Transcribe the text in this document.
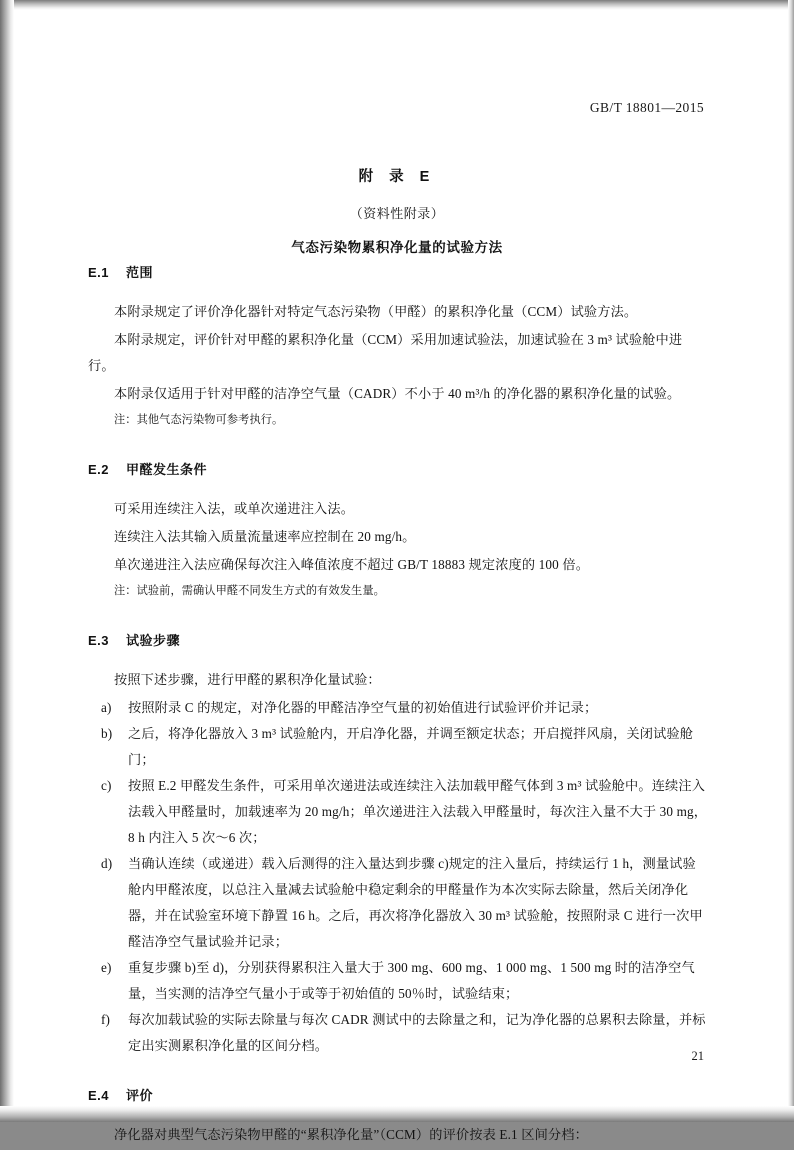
GB/T 18801—2015
附 录 E
（资料性附录）
气态污染物累积净化量的试验方法
E.1 范围

本附录规定了评价净化器针对特定气态污染物（甲醛）的累积净化量（CCM）试验方法。

本附录规定，评价针对甲醛的累积净化量（CCM）采用加速试验法，加速试验在 3 m³ 试验舱中进行。

本附录仅适用于针对甲醛的洁净空气量（CADR）不小于 40 m³/h 的净化器的累积净化量的试验。

注：其他气态污染物可参考执行。

E.2 甲醛发生条件

可采用连续注入法，或单次递进注入法。

连续注入法其输入质量流量速率应控制在 20 mg/h。

单次递进注入法应确保每次注入峰值浓度不超过 GB/T 18883 规定浓度的 100 倍。

注：试验前，需确认甲醛不同发生方式的有效发生量。

E.3 试验步骤

按照下述步骤，进行甲醛的累积净化量试验：

a)	按照附录 C 的规定，对净化器的甲醛洁净空气量的初始值进行试验评价并记录；
b)	之后，将净化器放入 3 m³ 试验舱内，开启净化器，并调至额定状态；开启搅拌风扇，关闭试验舱门；
c)	按照 E.2 甲醛发生条件，可采用单次递进法或连续注入法加载甲醛气体到 3 m³ 试验舱中。连续注入法载入甲醛量时，加载速率为 20 mg/h；单次递进注入法载入甲醛量时，每次注入量不大于 30 mg，8 h 内注入 5 次～6 次；
d)	当确认连续（或递进）载入后测得的注入量达到步骤 c)规定的注入量后，持续运行 1 h，测量试验舱内甲醛浓度，以总注入量减去试验舱中稳定剩余的甲醛量作为本次实际去除量，然后关闭净化器，并在试验室环境下静置 16 h。之后，再次将净化器放入 30 m³ 试验舱，按照附录 C 进行一次甲醛洁净空气量试验并记录；
e)	重复步骤 b)至 d)，分别获得累积注入量大于 300 mg、600 mg、1 000 mg、1 500 mg 时的洁净空气量，当实测的洁净空气量小于或等于初始值的 50％时，试验结束；
f)	每次加载试验的实际去除量与每次 CADR 测试中的去除量之和，记为净化器的总累积去除量，并标定出实测累积净化量的区间分档。
E.4 评价

净化器对典型气态污染物甲醛的“累积净化量”（CCM）的评价按表 E.1 区间分档：

21
